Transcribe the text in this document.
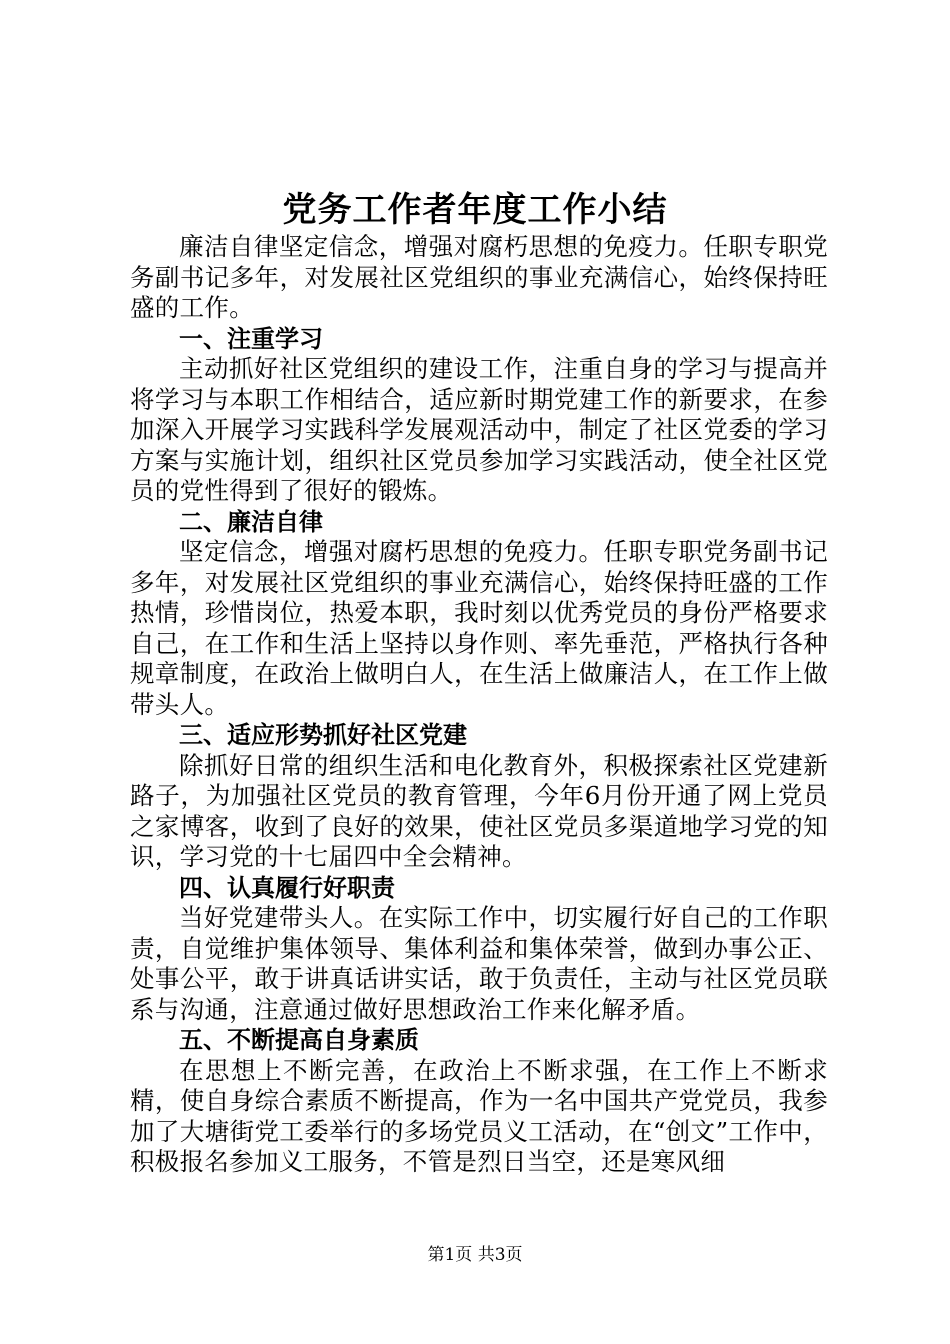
党务工作者年度工作小结

廉洁自律坚定信念，增强对腐朽思想的免疫力。任职专职党务副书记多年，对发展社区党组织的事业充满信心，始终保持旺盛的工作。

一、注重学习

主动抓好社区党组织的建设工作，注重自身的学习与提高并将学习与本职工作相结合，适应新时期党建工作的新要求，在参加深入开展学习实践科学发展观活动中，制定了社区党委的学习方案与实施计划，组织社区党员参加学习实践活动，使全社区党员的党性得到了很好的锻炼。

二、廉洁自律

坚定信念，增强对腐朽思想的免疫力。任职专职党务副书记多年，对发展社区党组织的事业充满信心，始终保持旺盛的工作热情，珍惜岗位，热爱本职，我时刻以优秀党员的身份严格要求自己，在工作和生活上坚持以身作则、率先垂范，严格执行各种规章制度，在政治上做明白人，在生活上做廉洁人，在工作上做带头人。

三、适应形势抓好社区党建

除抓好日常的组织生活和电化教育外，积极探索社区党建新路子，为加强社区党员的教育管理，今年6月份开通了网上党员之家博客，收到了良好的效果，使社区党员多渠道地学习党的知识，学习党的十七届四中全会精神。

四、认真履行好职责

当好党建带头人。在实际工作中，切实履行好自己的工作职责，自觉维护集体领导、集体利益和集体荣誉，做到办事公正、处事公平，敢于讲真话讲实话，敢于负责任，主动与社区党员联系与沟通，注意通过做好思想政治工作来化解矛盾。

五、不断提高自身素质

在思想上不断完善，在政治上不断求强，在工作上不断求精，使自身综合素质不断提高，作为一名中国共产党党员，我参加了大塘街党工委举行的多场党员义工活动，在“创文”工作中，积极报名参加义工服务，不管是烈日当空，还是寒风细

第1页 共3页
